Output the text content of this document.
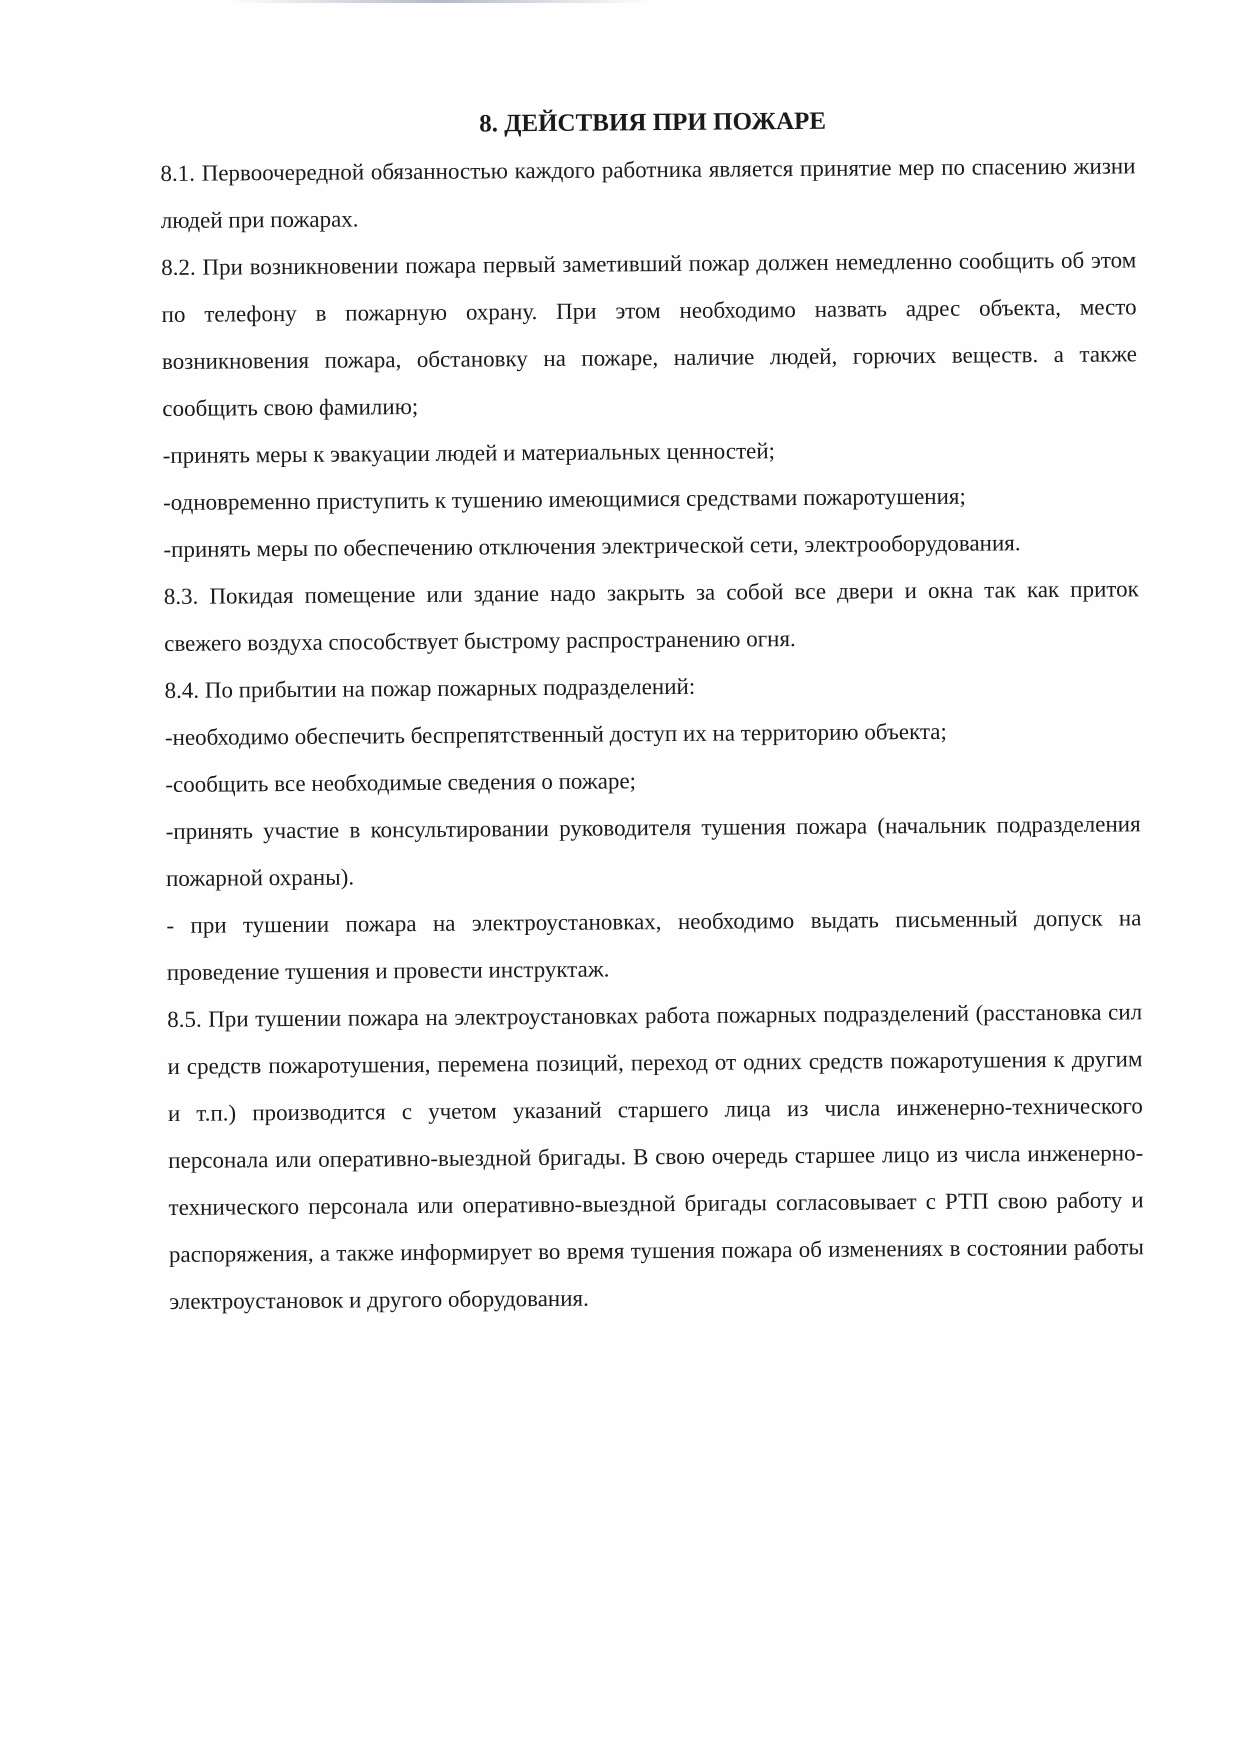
8. ДЕЙСТВИЯ ПРИ ПОЖАРЕ

8.1. Первоочередной обязанностью каждого работника является принятие мер по спасению жизни людей при пожарах.

8.2. При возникновении пожара первый заметивший пожар должен немедленно сообщить об этом по телефону в пожарную охрану. При этом необходимо назвать адрес объекта, место возникновения пожара, обстановку на пожаре, наличие людей, горючих веществ. а также сообщить свою фамилию;

-принять меры к эвакуации людей и материальных ценностей;

-одновременно приступить к тушению имеющимися средствами пожаротушения;

-принять меры по обеспечению отключения электрической сети, электрооборудования.

8.3. Покидая помещение или здание надо закрыть за собой все двери и окна так как приток свежего воздуха способствует быстрому распространению огня.

8.4. По прибытии на пожар пожарных подразделений:

-необходимо обеспечить беспрепятственный доступ их на территорию объекта;

-сообщить все необходимые сведения о пожаре;

-принять участие в консультировании руководителя тушения пожара (начальник подразделения пожарной охраны).

- при тушении пожара на электроустановках, необходимо выдать письменный допуск на проведение тушения и провести инструктаж.

8.5. При тушении пожара на электроустановках работа пожарных подразделений (расстановка сил и средств пожаротушения, перемена позиций, переход от одних средств пожаротушения к другим и т.п.) производится с учетом указаний старшего лица из числа инженерно-технического персонала или оперативно-выездной бригады. В свою очередь старшее лицо из числа инженерно-технического персонала или оперативно-выездной бригады согласовывает с РТП свою работу и распоряжения, а также информирует во время тушения пожара об изменениях в состоянии работы электроустановок и другого оборудования.
